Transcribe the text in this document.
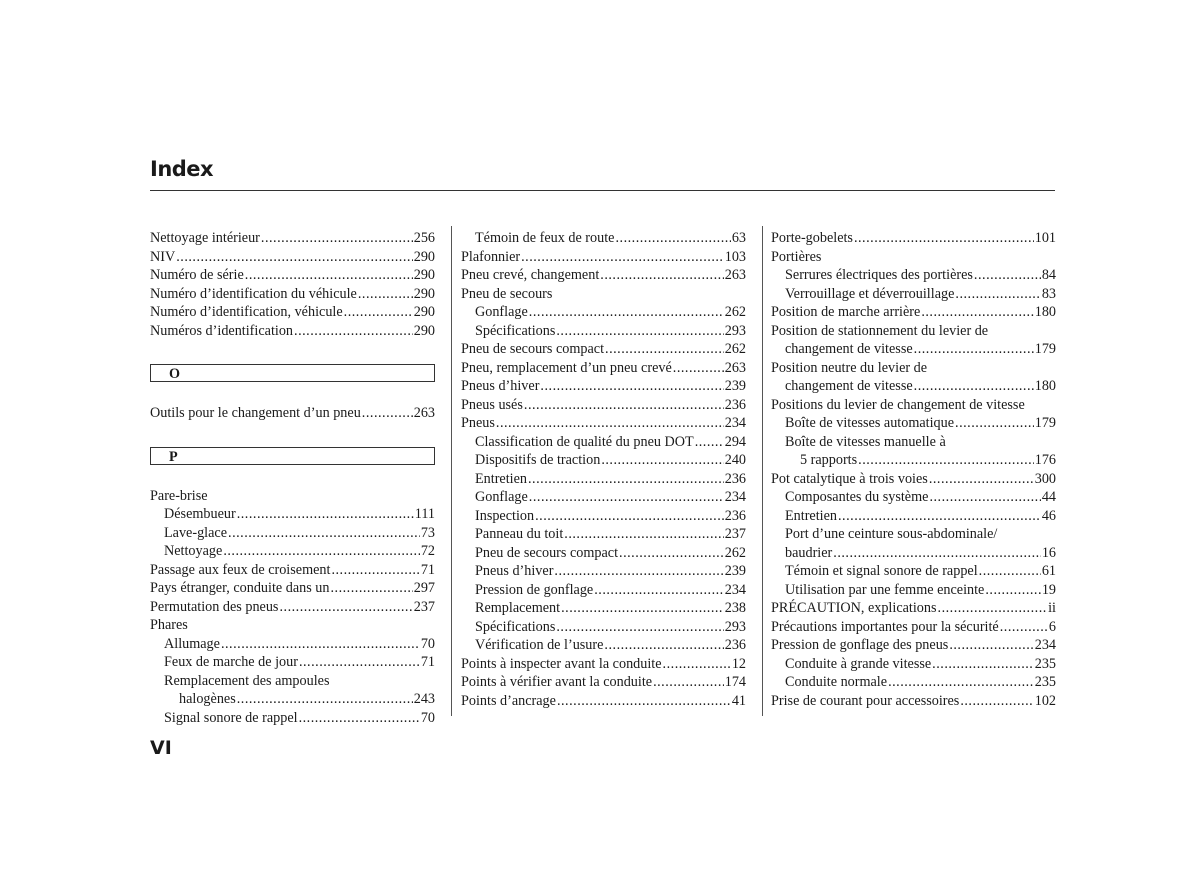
Index
Nettoyage intérieur .....	256
NIV .....	290
Numéro de série .....	290
Numéro d’identification du véhicule .....	290
Numéro d’identification, véhicule .....	290
Numéros d’identification .....	290
O
Outils pour le changement d’un pneu .....	263
P
Pare-brise
Désembueur .....	111
Lave-glace .....	73
Nettoyage .....	72
Passage aux feux de croisement .....	71
Pays étranger, conduite dans un .....	297
Permutation des pneus .....	237
Phares
Allumage .....	70
Feux de marche de jour .....	71
Remplacement des ampoules
halogènes .....	243
Signal sonore de rappel .....	70
Témoin de feux de route .....	63
Plafonnier .....	103
Pneu crevé, changement .....	263
Pneu de secours
Gonflage .....	262
Spécifications .....	293
Pneu de secours compact .....	262
Pneu, remplacement d’un pneu crevé .....	263
Pneus d’hiver .....	239
Pneus usés .....	236
Pneus .....	234
Classification de qualité du pneu DOT ..... 294
Dispositifs de traction .....	240
Entretien .....	236
Gonflage .....	234
Inspection .....	236
Panneau du toit .....	237
Pneu de secours compact .....	262
Pneus d’hiver .....	239
Pression de gonflage .....	234
Remplacement .....	238
Spécifications .....	293
Vérification de l’usure .....	236
Points à inspecter avant la conduite .....	12
Points à vérifier avant la conduite .....	174
Points d’ancrage .....	41
Porte-gobelets .....	101
Portières
Serrures électriques des portières .....	84
Verrouillage et déverrouillage .....	83
Position de marche arrière .....	180
Position de stationnement du levier de
changement de vitesse .....	179
Position neutre du levier de
changement de vitesse .....	180
Positions du levier de changement de vitesse
Boîte de vitesses automatique .....	179
Boîte de vitesses manuelle à
5 rapports .....	176
Pot catalytique à trois voies .....	300
Composantes du système .....	44
Entretien .....	46
Port d’une ceinture sous-abdominale/
baudrier .....	16
Témoin et signal sonore de rappel .....	61
Utilisation par une femme enceinte .....	19
PRÉCAUTION, explications .....	ii
Précautions importantes pour la sécurité .....	6
Pression de gonflage des pneus .....	234
Conduite à grande vitesse .....	235
Conduite normale .....	235
Prise de courant pour accessoires .....	102
VI
